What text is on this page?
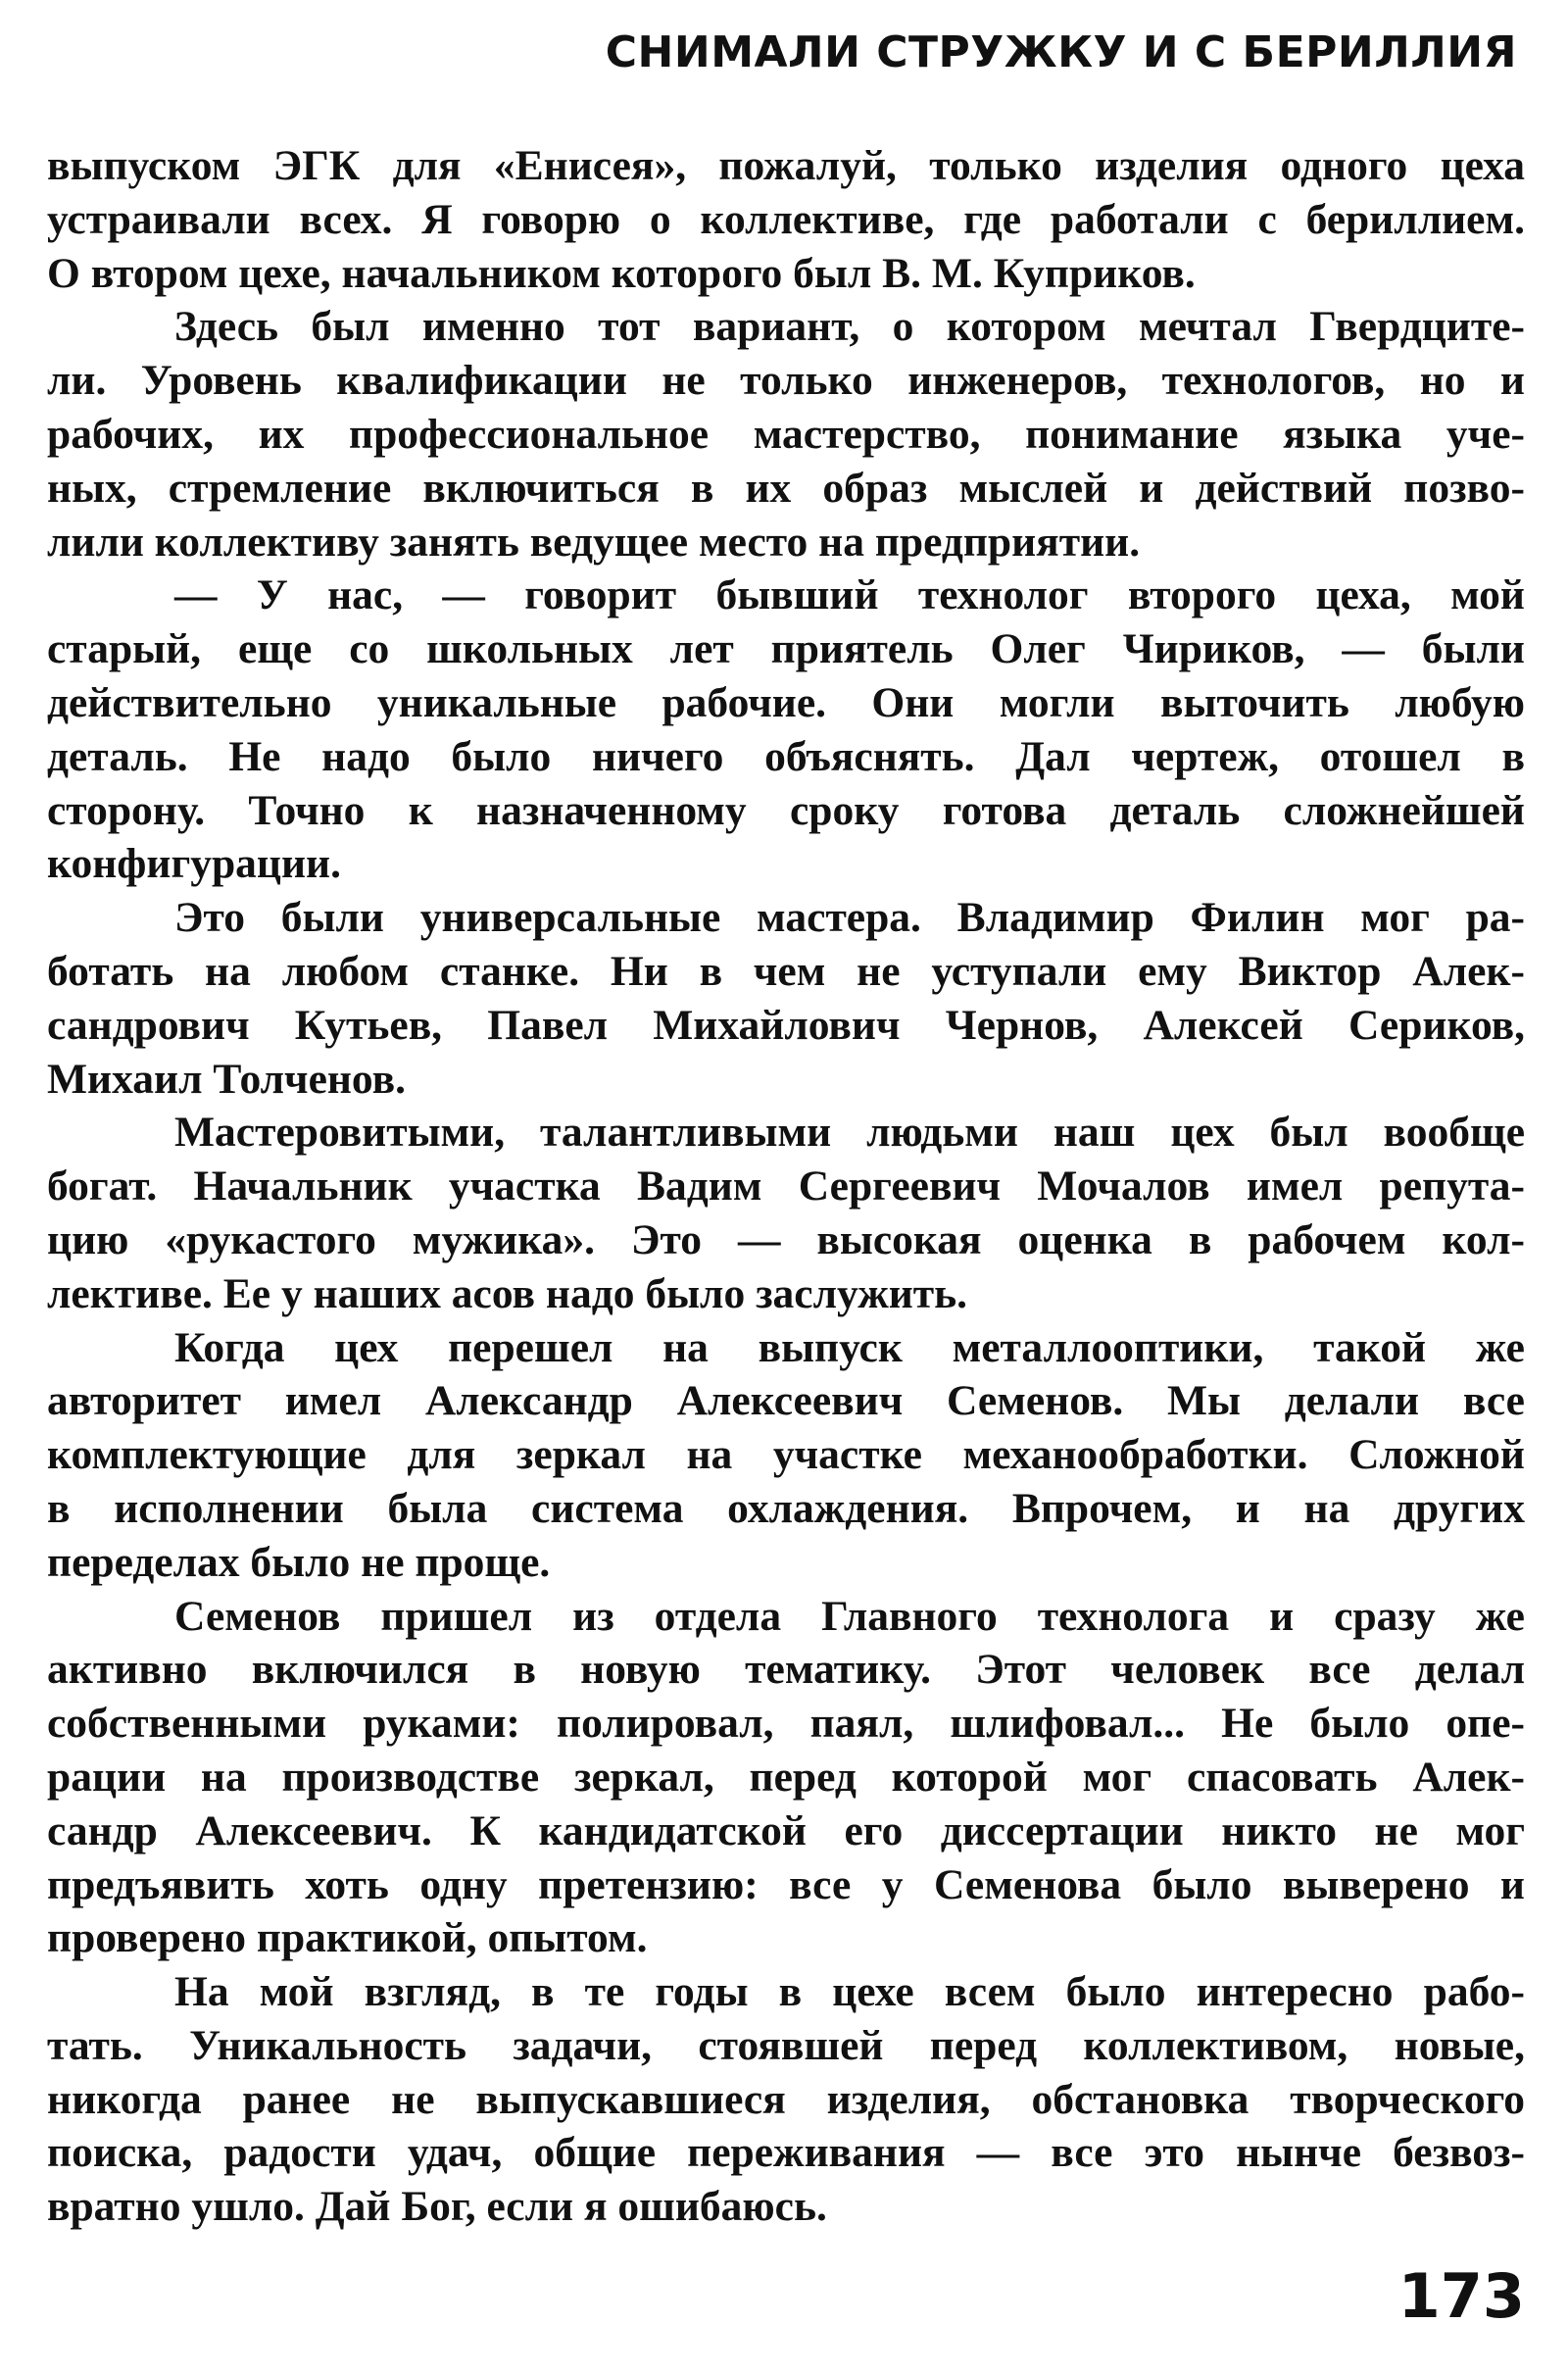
СНИМАЛИ СТРУЖКУ И С БЕРИЛЛИЯ

выпуском ЭГК для «Енисея», пожалуй, только изделия одного цеха
устраивали всех. Я говорю о коллективе, где работали с бериллием.
О втором цехе, начальником которого был В. М. Куприков.

Здесь был именно тот вариант, о котором мечтал Гвердците-
ли. Уровень квалификации не только инженеров, технологов, но и
рабочих, их профессиональное мастерство, понимание языка уче-
ных, стремление включиться в их образ мыслей и действий позво-
лили коллективу занять ведущее место на предприятии.

— У нас, — говорит бывший технолог второго цеха, мой
старый, еще со школьных лет приятель Олег Чириков, — были
действительно уникальные рабочие. Они могли выточить любую
деталь. Не надо было ничего объяснять. Дал чертеж, отошел в
сторону. Точно к назначенному сроку готова деталь сложнейшей
конфигурации.

Это были универсальные мастера. Владимир Филин мог ра-
ботать на любом станке. Ни в чем не уступали ему Виктор Алек-
сандрович Кутьев, Павел Михайлович Чернов, Алексей Сериков,
Михаил Толченов.

Мастеровитыми, талантливыми людьми наш цех был вообще
богат. Начальник участка Вадим Сергеевич Мочалов имел репута-
цию «рукастого мужика». Это — высокая оценка в рабочем кол-
лективе. Ее у наших асов надо было заслужить.

Когда цех перешел на выпуск металлооптики, такой же
авторитет имел Александр Алексеевич Семенов. Мы делали все
комплектующие для зеркал на участке механообработки. Сложной
в исполнении была система охлаждения. Впрочем, и на других
переделах было не проще.

Семенов пришел из отдела Главного технолога и сразу же
активно включился в новую тематику. Этот человек все делал
собственными руками: полировал, паял, шлифовал... Не было опе-
рации на производстве зеркал, перед которой мог спасовать Алек-
сандр Алексеевич. К кандидатской его диссертации никто не мог
предъявить хоть одну претензию: все у Семенова было выверено и
проверено практикой, опытом.

На мой взгляд, в те годы в цехе всем было интересно рабо-
тать. Уникальность задачи, стоявшей перед коллективом, новые,
никогда ранее не выпускавшиеся изделия, обстановка творческого
поиска, радости удач, общие переживания — все это нынче безвоз-
вратно ушло. Дай Бог, если я ошибаюсь.

173
